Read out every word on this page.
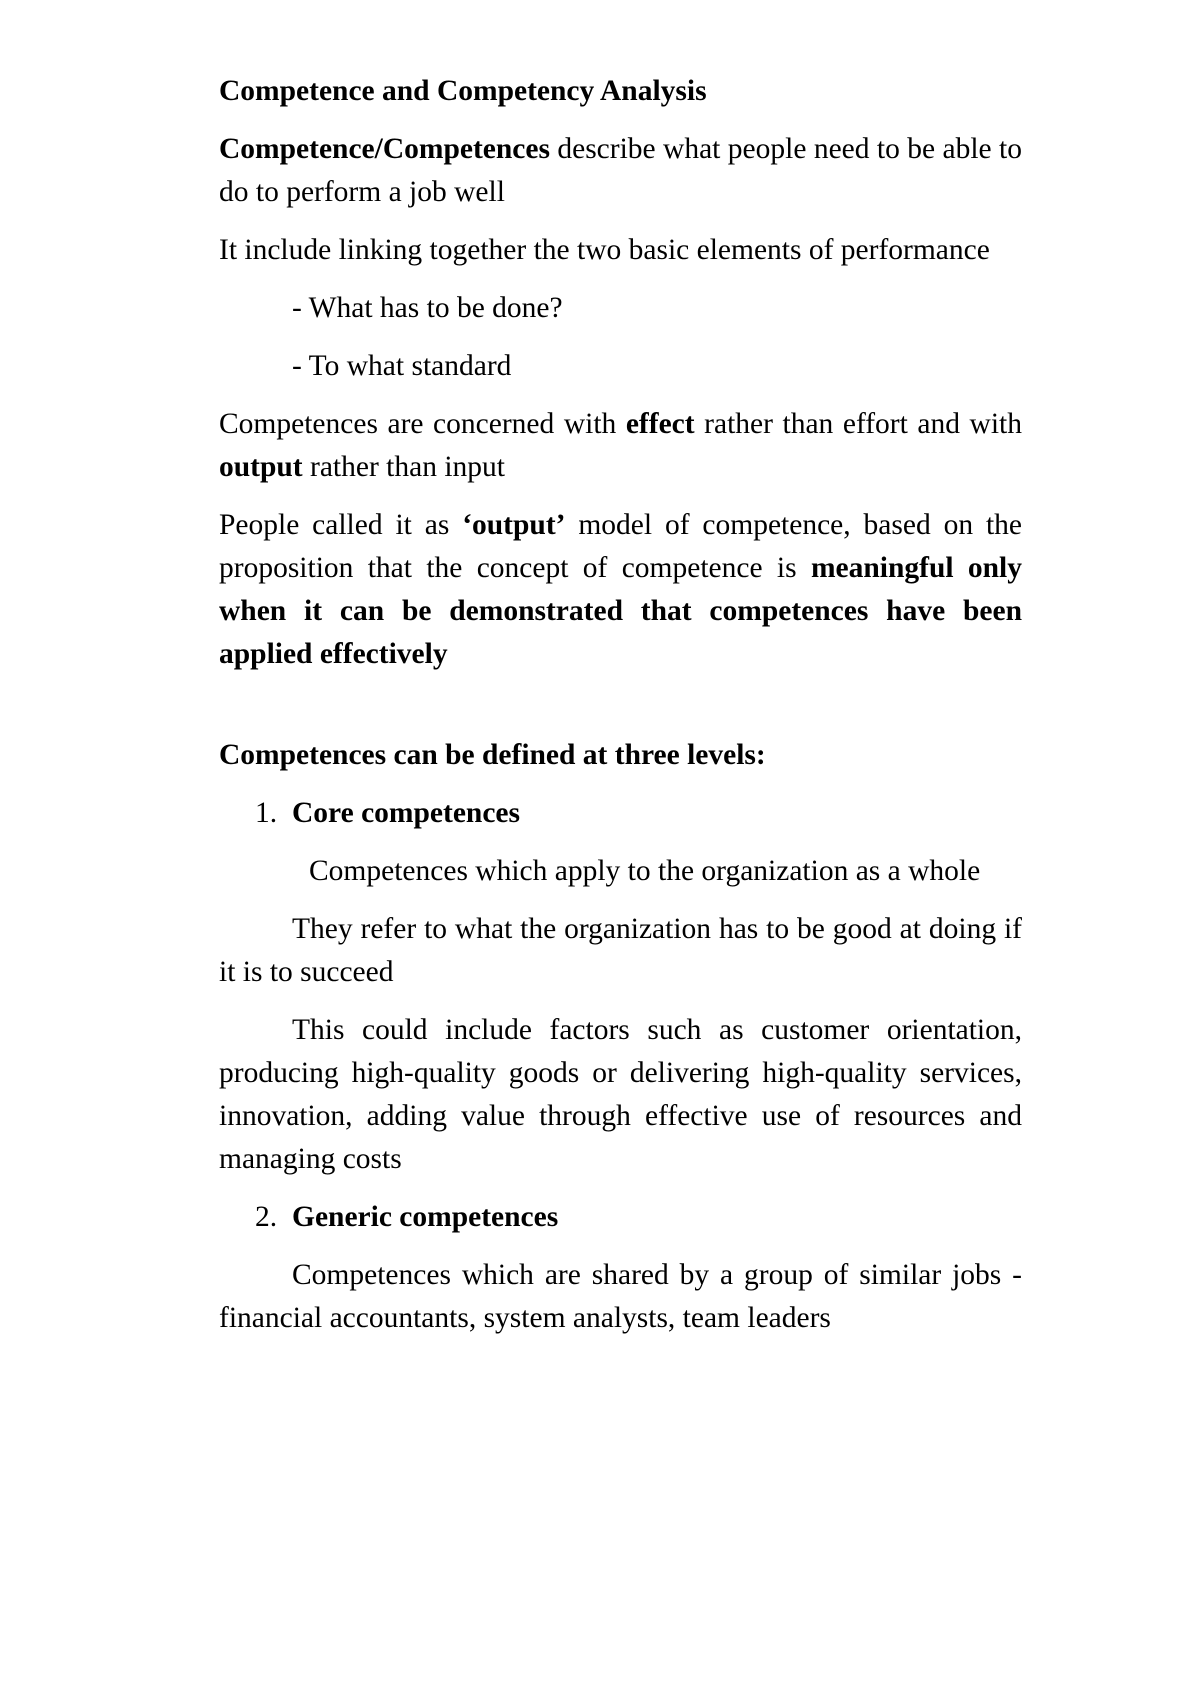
Competence and Competency Analysis

Competence/Competences describe what people need to be able to do to perform a job well

It include linking together the two basic elements of performance

- What has to be done?
- To what standard

Competences are concerned with effect rather than effort and with output rather than input

People called it as ‘output’ model of competence, based on the proposition that the concept of competence is meaningful only when it can be demonstrated that competences have been applied effectively

Competences can be defined at three levels:
1. Core competences

Competences which apply to the organization as a whole

They refer to what the organization has to be good at doing if it is to succeed

This could include factors such as customer orientation, producing high-quality goods or delivering high-quality services, innovation, adding value through effective use of resources and managing costs

2. Generic competences

Competences which are shared by a group of similar jobs - financial accountants, system analysts, team leaders
